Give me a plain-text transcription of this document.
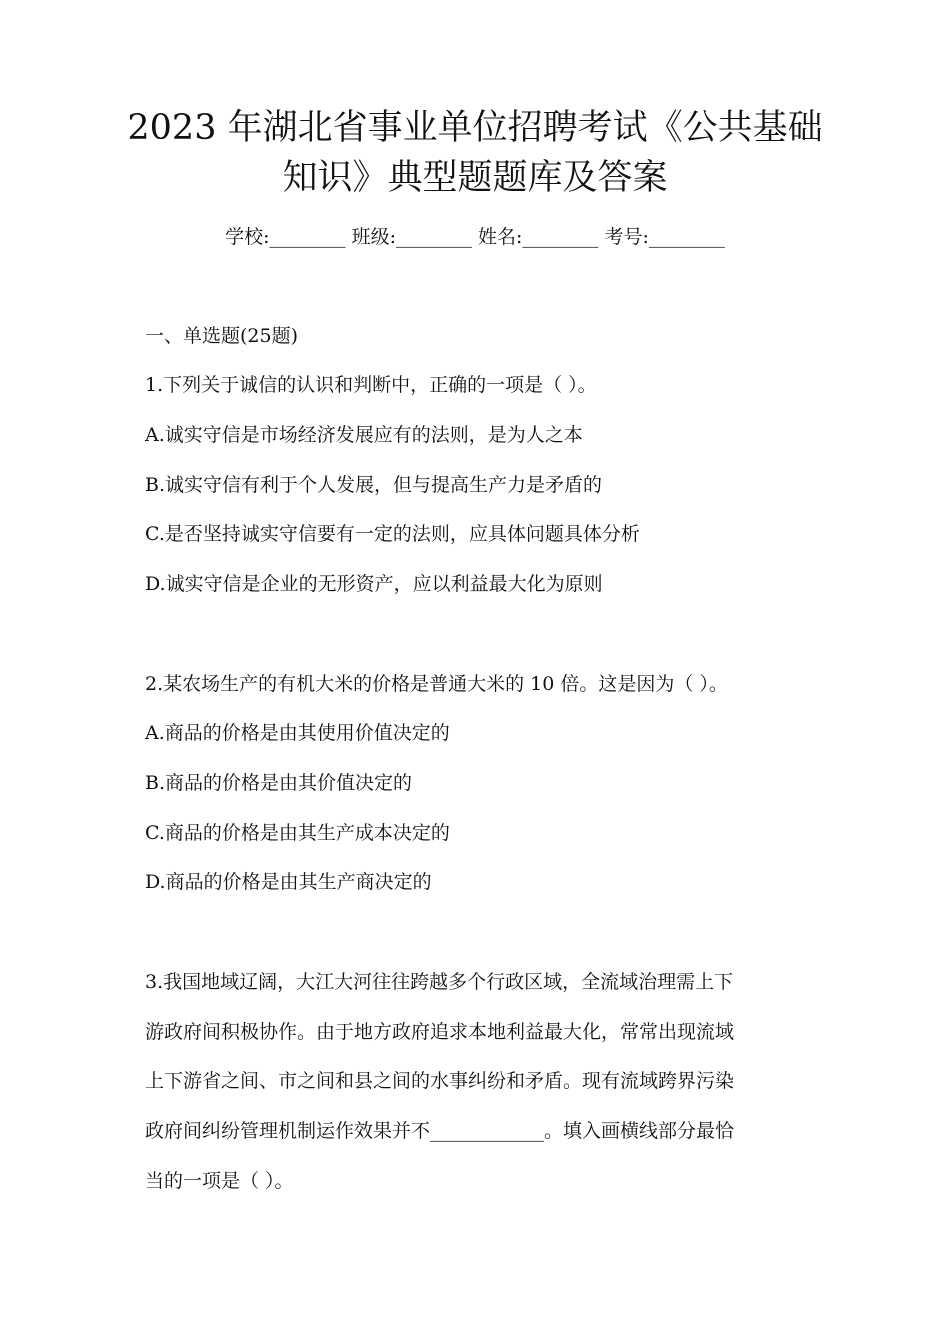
2023 年湖北省事业单位招聘考试《公共基础
知识》典型题题库及答案
学校:________ 班级:________ 姓名:________ 考号:________
一、单选题(25题)
1.下列关于诚信的认识和判断中，正确的一项是（ ）。
A.诚实守信是市场经济发展应有的法则，是为人之本
B.诚实守信有利于个人发展，但与提高生产力是矛盾的
C.是否坚持诚实守信要有一定的法则，应具体问题具体分析
D.诚实守信是企业的无形资产，应以利益最大化为原则
2.某农场生产的有机大米的价格是普通大米的 10 倍。这是因为（ ）。
A.商品的价格是由其使用价值决定的
B.商品的价格是由其价值决定的
C.商品的价格是由其生产成本决定的
D.商品的价格是由其生产商决定的
3.我国地域辽阔，大江大河往往跨越多个行政区域，全流域治理需上下
游政府间积极协作。由于地方政府追求本地利益最大化，常常出现流域
上下游省之间、市之间和县之间的水事纠纷和矛盾。现有流域跨界污染
政府间纠纷管理机制运作效果并不____________。填入画横线部分最恰
当的一项是（ ）。
